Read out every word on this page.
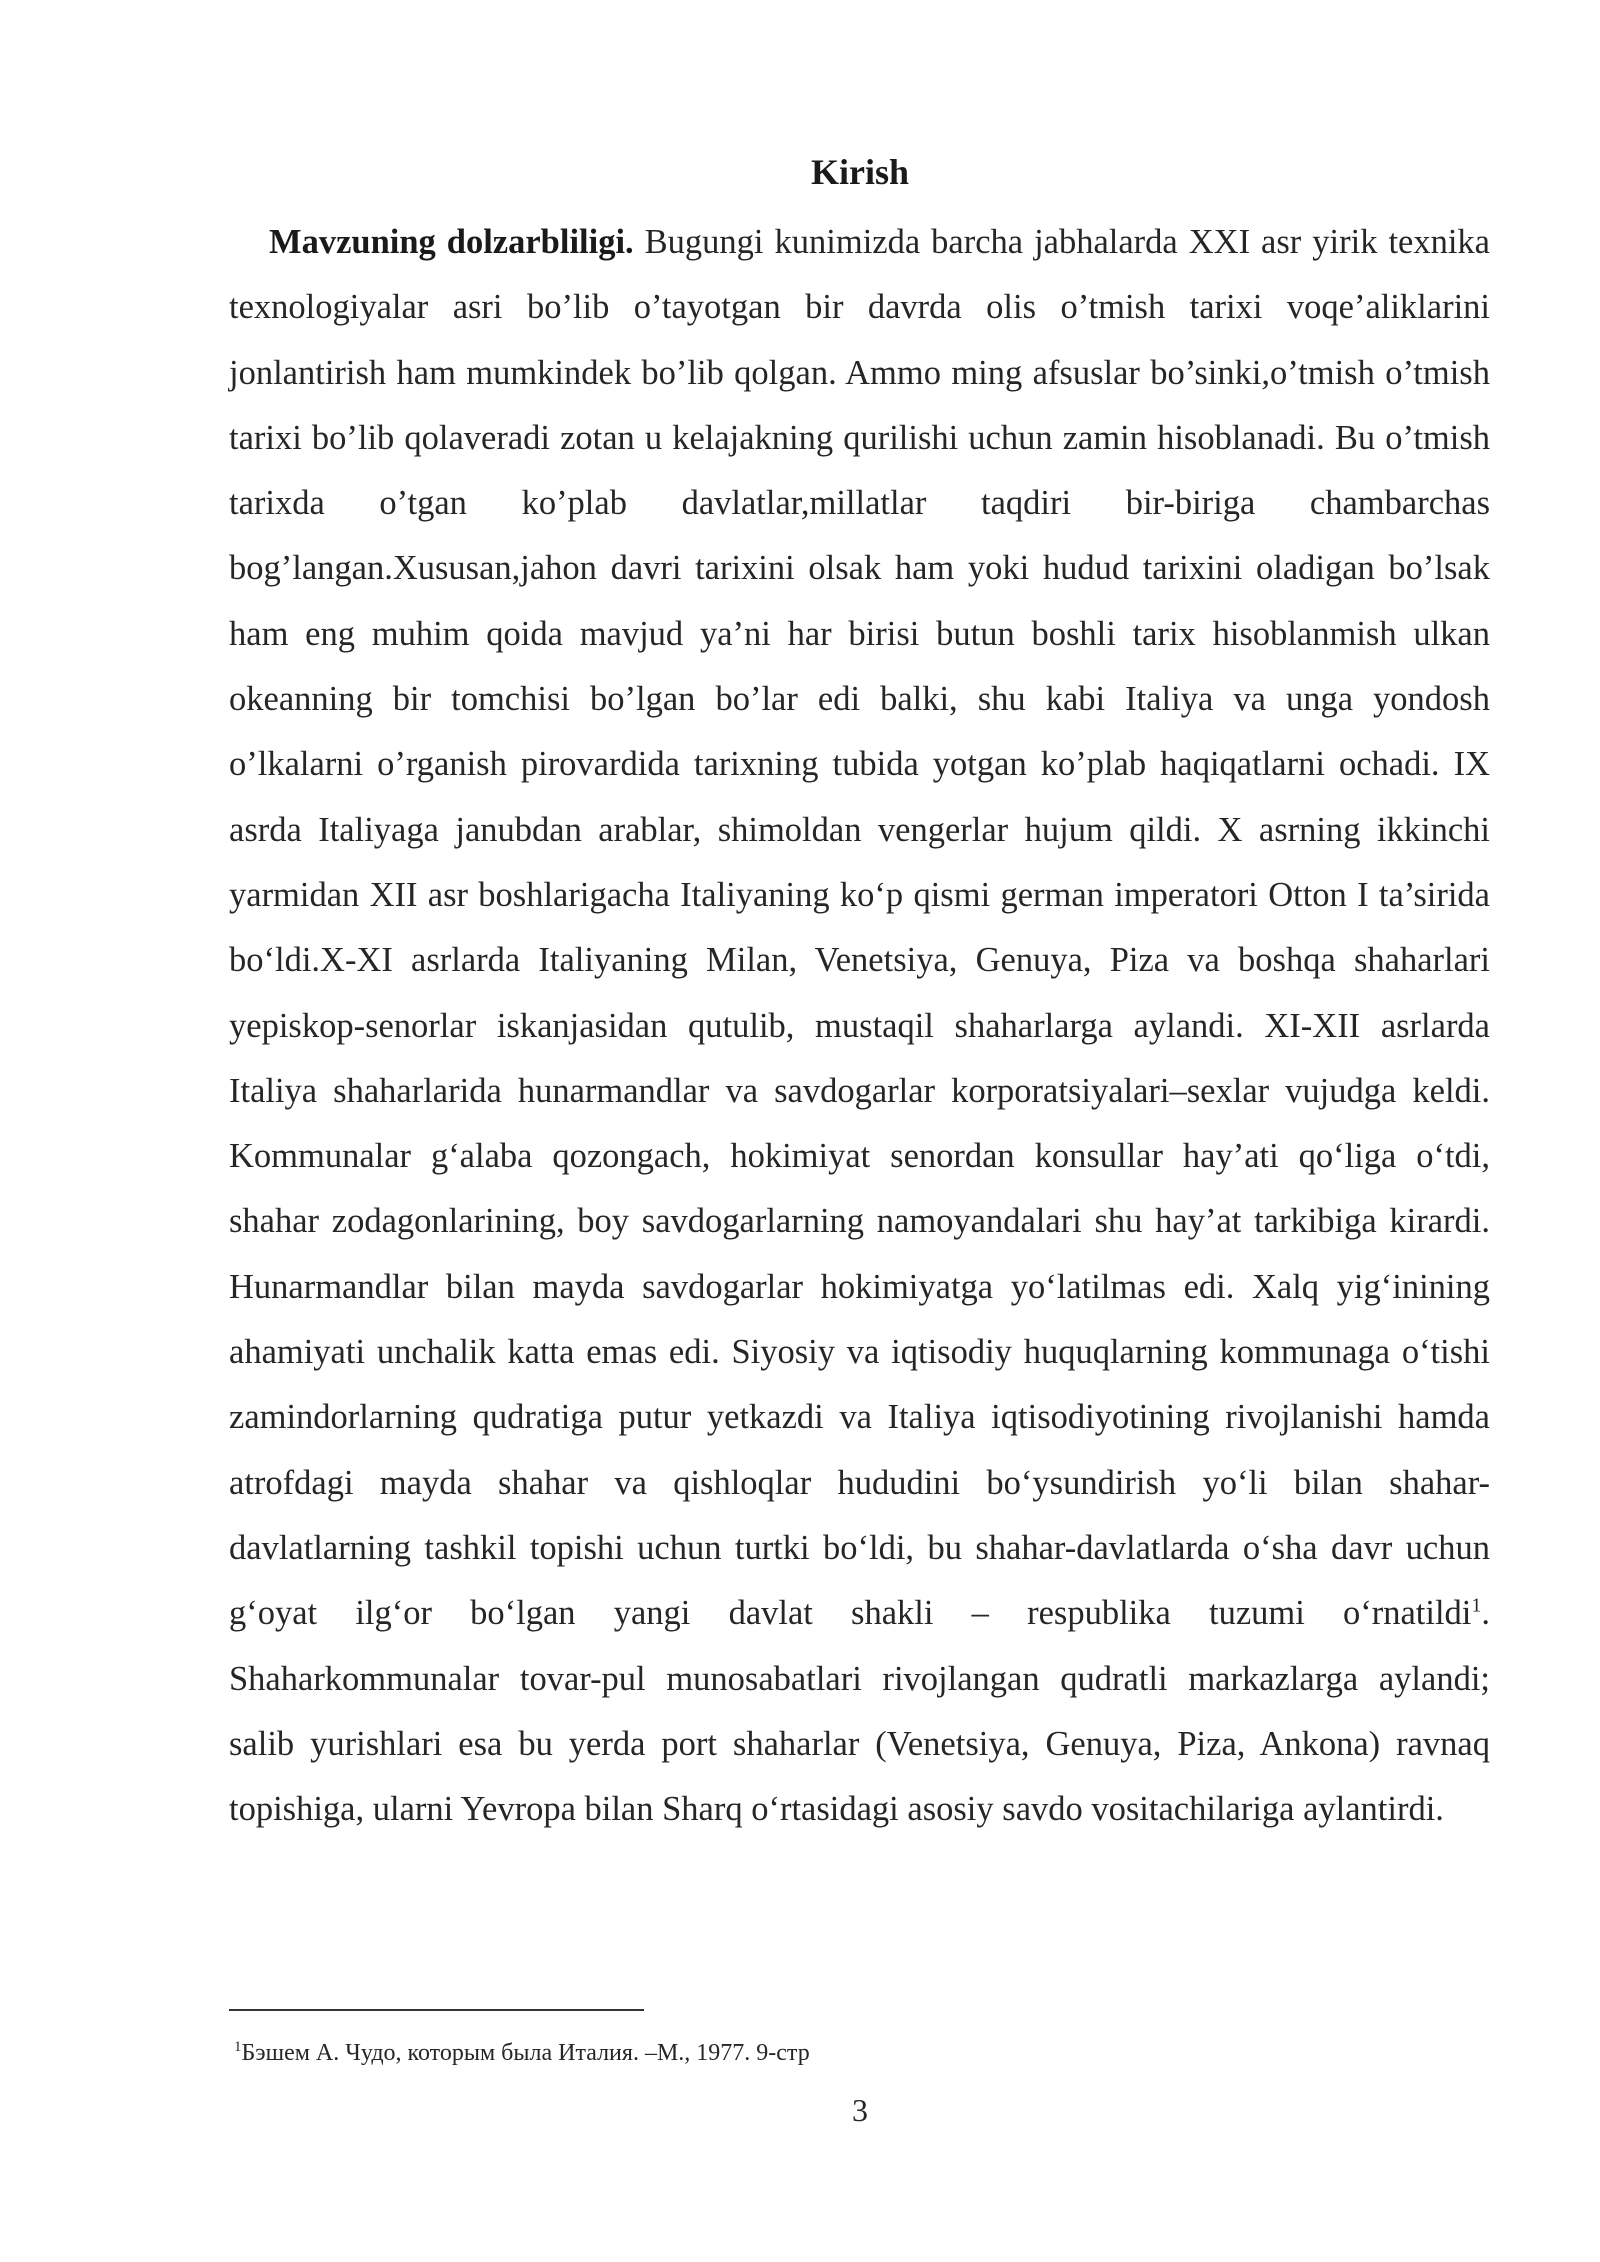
Kirish

Mavzuning dolzarbliligi. Bugungi kunimizda barcha jabhalarda XXI asr yirik texnika texnologiyalar asri bo’lib o’tayotgan bir davrda olis o’tmish tarixi voqe’aliklarini jonlantirish ham mumkindek bo’lib qolgan. Ammo ming afsuslar bo’sinki,o’tmish o’tmish tarixi bo’lib qolaveradi zotan u kelajakning qurilishi uchun zamin hisoblanadi. Bu o’tmish tarixda o’tgan ko’plab davlatlar,millatlar taqdiri bir-biriga chambarchas bog’langan.Xususan,jahon davri tarixini olsak ham yoki hudud tarixini oladigan bo’lsak ham eng muhim qoida mavjud ya’ni har birisi butun boshli tarix hisoblanmish ulkan okeanning bir tomchisi bo’lgan bo’lar edi balki, shu kabi Italiya va unga yondosh o’lkalarni o’rganish pirovardida tarixning tubida yotgan ko’plab haqiqatlarni ochadi. IX asrda Italiyaga janubdan arablar, shimoldan vengerlar hujum qildi. X asrning ikkinchi yarmidan XII asr boshlarigacha Italiyaning ko‘p qismi german imperatori Otton I ta’sirida bo‘ldi.X-XI asrlarda Italiyaning Milan, Venetsiya, Genuya, Piza va boshqa shaharlari yepiskop-senorlar iskanjasidan qutulib, mustaqil shaharlarga aylandi. XI-XII asrlarda Italiya shaharlarida hunarmandlar va savdogarlar korporatsiyalari–sexlar vujudga keldi. Kommunalar g‘alaba qozongach, hokimiyat senordan konsullar hay’ati qo‘liga o‘tdi, shahar zodagonlarining, boy savdogarlarning namoyandalari shu hay’at tarkibiga kirardi. Hunarmandlar bilan mayda savdogarlar hokimiyatga yo‘latilmas edi. Xalq yig‘inining ahamiyati unchalik katta emas edi. Siyosiy va iqtisodiy huquqlarning kommunaga o‘tishi zamindorlarning qudratiga putur yetkazdi va Italiya iqtisodiyotining rivojlanishi hamda atrofdagi mayda shahar va qishloqlar hududini bo‘ysundirish yo‘li bilan shahar-davlatlarning tashkil topishi uchun turtki bo‘ldi, bu shahar-davlatlarda o‘sha davr uchun g‘oyat ilg‘or bo‘lgan yangi davlat shakli – respublika tuzumi o‘rnatildi$^1$. Shaharkommunalar tovar-pul munosabatlari rivojlangan qudratli markazlarga aylandi; salib yurishlari esa bu yerda port shaharlar (Venetsiya, Genuya, Piza, Ankona) ravnaq topishiga, ularni Yevropa bilan Sharq o‘rtasidagi asosiy savdo vositachilariga aylantirdi.

$^1$Бэшем А. Чудо, которым была Италия. –М., 1977. 9-стр
3
